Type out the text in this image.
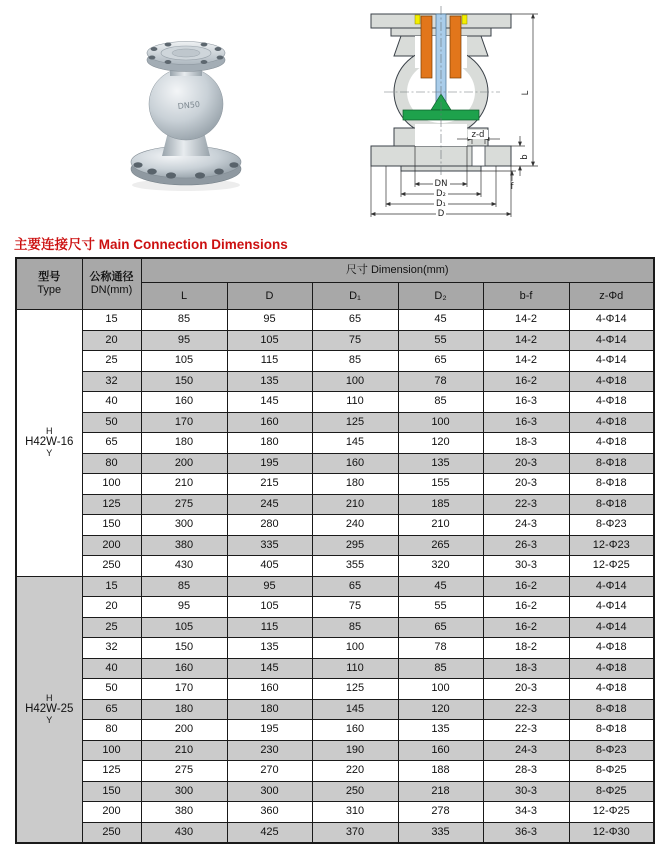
DN50
L
z-d
b
f
DN
D₂
D₁
D
主要连接尺寸 Main Connection Dimensions
型号
Type

公称通径
DN(mm)
	尺寸 Dimension(mm)
		L	D	D₁	D₂	b-f	z-Φd

H
H42W-16
Y	15	85	95	65	45	14-2	4-Φ14
	20	95	105	75	55	14-2	4-Φ14
	25	105	115	85	65	14-2	4-Φ14
	32	150	135	100	78	16-2	4-Φ18
	40	160	145	110	85	16-3	4-Φ18
	50	170	160	125	100	16-3	4-Φ18
	65	180	180	145	120	18-3	4-Φ18
	80	200	195	160	135	20-3	8-Φ18
	100	210	215	180	155	20-3	8-Φ18
	125	275	245	210	185	22-3	8-Φ18
	150	300	280	240	210	24-3	8-Φ23
	200	380	335	295	265	26-3	12-Φ23
	250	430	405	355	320	30-3	12-Φ25

H
H42W-25
Y	15	85	95	65	45	16-2	4-Φ14
	20	95	105	75	55	16-2	4-Φ14
	25	105	115	85	65	16-2	4-Φ14
	32	150	135	100	78	18-2	4-Φ18
	40	160	145	110	85	18-3	4-Φ18
	50	170	160	125	100	20-3	4-Φ18
	65	180	180	145	120	22-3	8-Φ18
	80	200	195	160	135	22-3	8-Φ18
	100	210	230	190	160	24-3	8-Φ23
	125	275	270	220	188	28-3	8-Φ25
	150	300	300	250	218	30-3	8-Φ25
	200	380	360	310	278	34-3	12-Φ25
	250	430	425	370	335	36-3	12-Φ30
